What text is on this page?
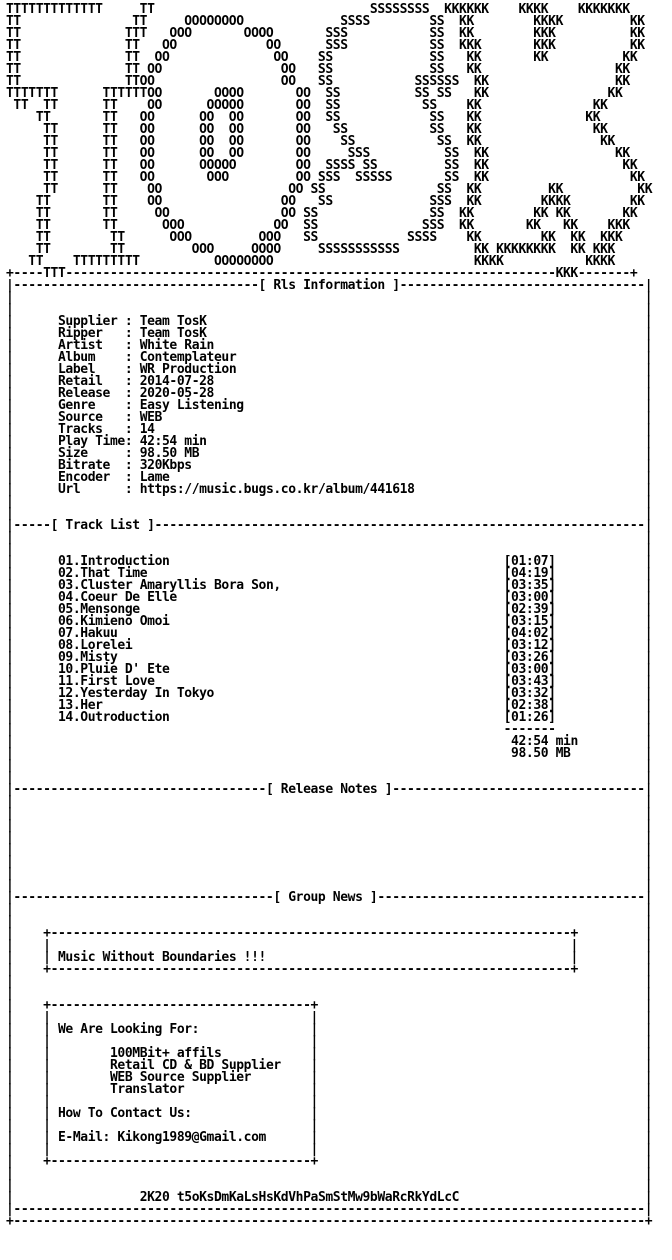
TTTTTTTTTTTTT     TT                             SSSSSSSS  KKKKKK    KKKK    KKKKKKK
TT               TT     OOOOOOOO             SSSS        SS  KK        KKKK         KK
TT              TTT   OOO       OOOO       SSS           SS  KK        KKK          KK
TT              TT   OO            OO      SSS           SS  KKK       KKK          KK
TT              TT  OO              OO    SS             SS   KK       KK          KK
TT              TT OO                OO   SS             SS   KK                  KK
TT              TTOO                 OO   SS           SSSSSS  KK                 KK
TTTTTTT      TTTTTTOO       OOOO       OO  SS          SS SS   KK                KK
TT  TT      TT    OO      OOOOO       OO  SS           SS    KK               KK
TT       TT   OO      OO  OO       OO  SS            SS   KK              KK
TT      TT   OO      OO  OO       OO   SS           SS   KK               KK
TT      TT   OO      OO  OO       OO    SS           SS  KK                KK
TT      TT   OO      OO  OO       OO     SSS          SS  KK                 KK
TT      TT   OO      OOOOO        OO  SSSS SS         SS  KK                  KK
TT      TT   OO       OOO         OO SSS  SSSSS       SS  KK                   KK
TT      TT    OO                 OO SS               SS  KK         KK          KK
TT       TT    OO                OO   SS             SSS  KK        KKKK        KK
TT       TT     OO               OO SS               SS  KK        KK KK       KK
TT       TT      OOO            OO  SS              SSS  KK       KK   KK    KKK
TT        TT      OOO         OOO   SS            SSSS    KK        KK  KK  KKK
TT        TT         OOO     OOOO     SSSSSSSSSSS          KK KKKKKKKK  KK KKK
TT    TTTTTTTTT          OOOOOOOO                           KKKK           KKKK
+----TTT------------------------------------------------------------------KKK-------+
|---------------------------------[ Rls Information ]---------------------------------|
|                                                                                     |
|                                                                                     |
|	Supplier : Team TosK                                                           |
|	Ripper   : Team TosK                                                           |
|	Artist   : White Rain                                                          |
|	Album    : Contemplateur                                                       |
|	Label    : WR Production                                                       |
|	Retail   : 2014-07-28                                                          |
|	Release  : 2020-05-28                                                          |
|	Genre    : Easy Listening                                                      |
|	Source   : WEB                                                                 |
|	Tracks   : 14                                                                  |
|	Play Time: 42:54 min                                                           |
|	Size     : 98.50 MB                                                            |
|	Bitrate  : 320Kbps                                                             |
|	Encoder  : Lame                                                                |
|	Url      : https://music.bugs.co.kr/album/441618                               |
|                                                                                     |
|                                                                                     |
|-----[ Track List ]------------------------------------------------------------------|
|                                                                                     |
|                                                                                     |
|	01.Introduction	[01:07]            |
|	02.That Time	[04:19]            |
|	03.Cluster Amaryllis Bora Son,	[03:35]            |
|	04.Coeur De Elle	[03:00]            |
|	05.Mensonge	[02:39]            |
|	06.Kimieno Omoi	[03:15]            |
|	07.Hakuu	[04:02]            |
|	08.Lorelei	[03:12]            |
|	09.Misty	[03:26]            |
|	10.Pluie D' Ete	[03:00]            |
|	11.First Love	[03:43]            |
|	12.Yesterday In Tokyo	[03:32]            |
|	13.Her	[02:38]            |
|	14.Outroduction	[01:26]            |
|	-------            |
|	42:54 min         |
|	98.50 MB          |
|                                                                                     |
|                                                                                     |
|----------------------------------[ Release Notes ]----------------------------------|
|                                                                                     |
|                                                                                     |
|                                                                                     |
|                                                                                     |
|                                                                                     |
|                                                                                     |
|                                                                                     |
|                                                                                     |
|-----------------------------------[ Group News ]------------------------------------|
|                                                                                     |
|                                                                                     |
|    +----------------------------------------------------------------------+         |
|    |                                                                      |         |
|    | Music Without Boundaries !!!                                         |         |
|    +----------------------------------------------------------------------+         |
|                                                                                     |
|                                                                                     |
|    +-----------------------------------+                                            |
|    |                                   |                                            |
|    | We Are Looking For:               |                                            |
|    |                                   |                                            |
|    |	100MBit+ affils            |                                            |
|    |	Retail CD & BD Supplier    |                                            |
|    |	WEB Source Supplier        |                                            |
|    |	Translator                 |                                            |
|    |                                   |                                            |
|    | How To Contact Us:                |                                            |
|    |                                   |                                            |
|    | E-Mail: Kikong1989@Gmail.com      |                                            |
|    |                                   |                                            |
|    +-----------------------------------+                                            |
|                                                                                     |
|                                                                                     |
|	2K20 t5oKsDmKaLsHsKdVhPaSmStMw9bWaRcRkYdLcC                         |
|-------------------------------------------------------------------------------------|
+-------------------------------------------------------------------------------------+
